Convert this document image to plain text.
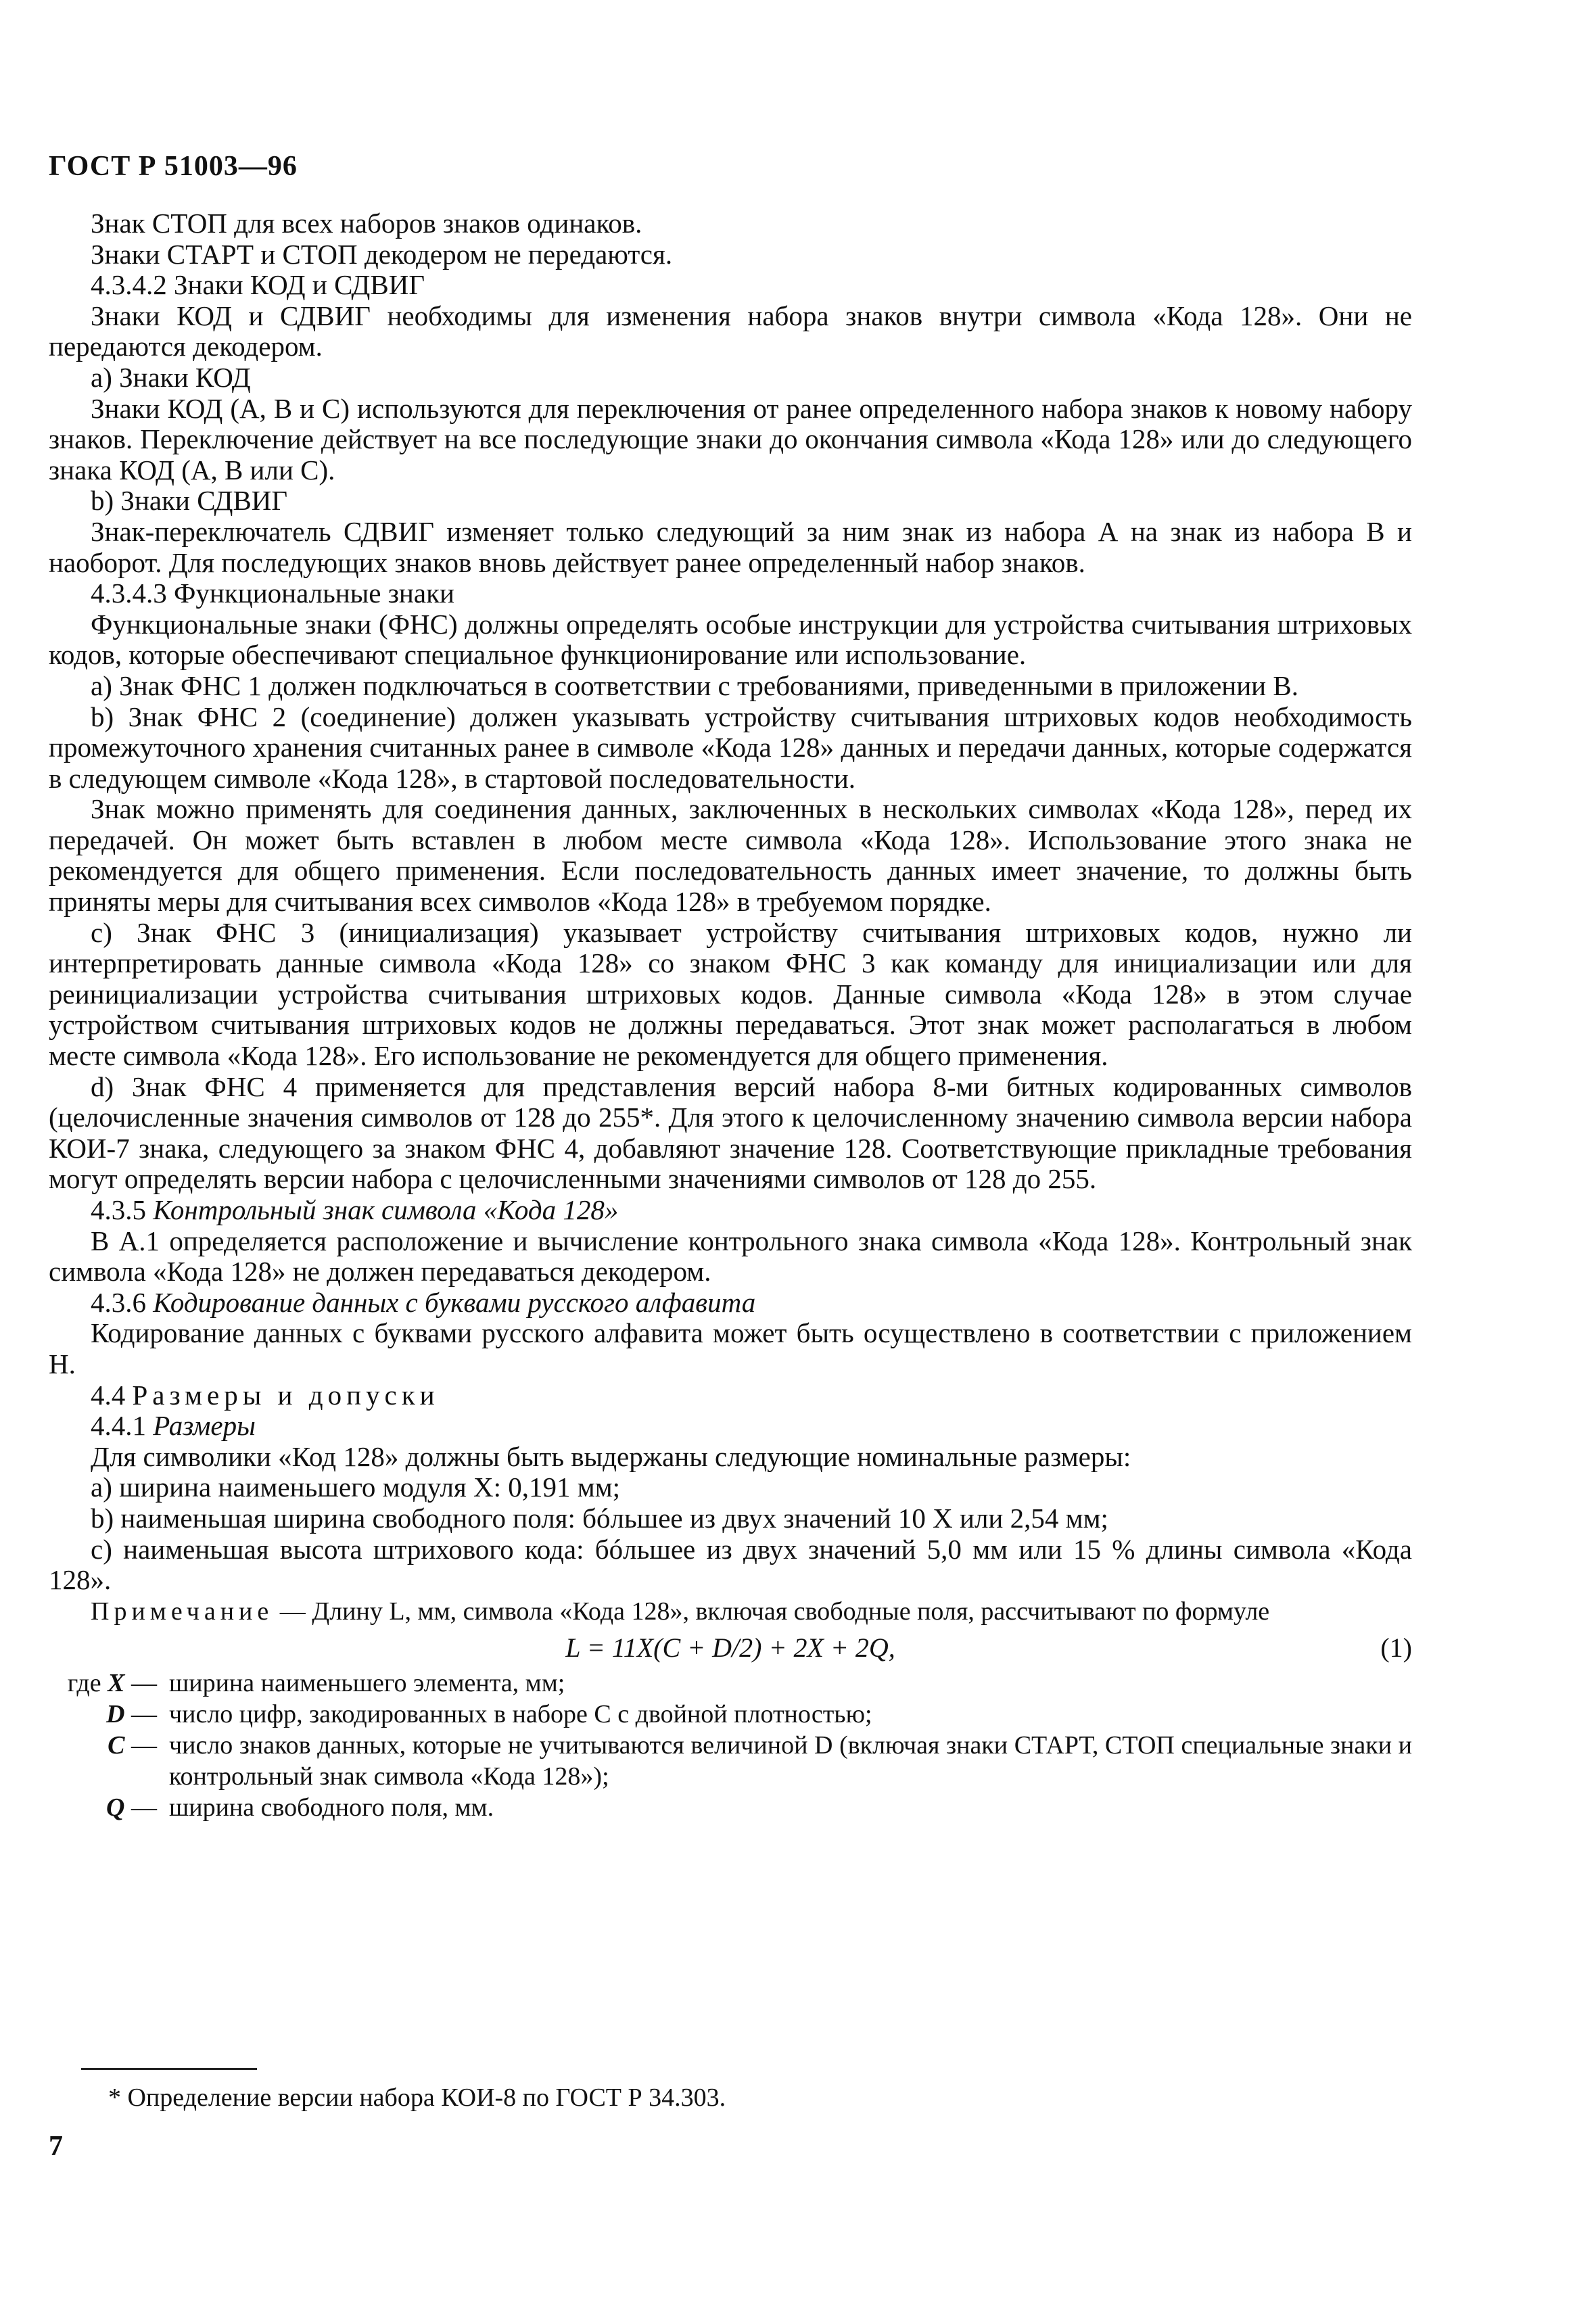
ГОСТ Р 51003—96

Знак СТОП для всех наборов знаков одинаков.

Знаки СТАРТ и СТОП декодером не передаются.

4.3.4.2 Знаки КОД и СДВИГ

Знаки КОД и СДВИГ необходимы для изменения набора знаков внутри символа «Кода 128». Они не передаются декодером.

а) Знаки КОД

Знаки КОД (А, В и С) используются для переключения от ранее определенного набора знаков к новому набору знаков. Переключение действует на все последующие знаки до окончания символа «Кода 128» или до следующего знака КОД (А, В или С).

b) Знаки СДВИГ

Знак-переключатель СДВИГ изменяет только следующий за ним знак из набора А на знак из набора В и наоборот. Для последующих знаков вновь действует ранее определенный набор знаков.

4.3.4.3 Функциональные знаки

Функциональные знаки (ФНС) должны определять особые инструкции для устройства считывания штриховых кодов, которые обеспечивают специальное функционирование или использование.

а) Знак ФНС 1 должен подключаться в соответствии с требованиями, приведенными в приложении В.

b) Знак ФНС 2 (соединение) должен указывать устройству считывания штриховых кодов необходимость промежуточного хранения считанных ранее в символе «Кода 128» данных и передачи данных, которые содержатся в следующем символе «Кода 128», в стартовой последовательности.

Знак можно применять для соединения данных, заключенных в нескольких символах «Кода 128», перед их передачей. Он может быть вставлен в любом месте символа «Кода 128». Использование этого знака не рекомендуется для общего применения. Если последовательность данных имеет значение, то должны быть приняты меры для считывания всех символов «Кода 128» в требуемом порядке.

с) Знак ФНС 3 (инициализация) указывает устройству считывания штриховых кодов, нужно ли интерпретировать данные символа «Кода 128» со знаком ФНС 3 как команду для инициализации или для реинициализации устройства считывания штриховых кодов. Данные символа «Кода 128» в этом случае устройством считывания штриховых кодов не должны передаваться. Этот знак может располагаться в любом месте символа «Кода 128». Его использование не рекомендуется для общего применения.

d) Знак ФНС 4 применяется для представления версий набора 8-ми битных кодированных символов (целочисленные значения символов от 128 до 255*. Для этого к целочисленному значению символа версии набора КОИ-7 знака, следующего за знаком ФНС 4, добавляют значение 128. Соответствующие прикладные требования могут определять версии набора с целочисленными значениями символов от 128 до 255.

4.3.5 Контрольный знак символа «Кода 128»

В А.1 определяется расположение и вычисление контрольного знака символа «Кода 128». Контрольный знак символа «Кода 128» не должен передаваться декодером.

4.3.6 Кодирование данных с буквами русского алфавита

Кодирование данных с буквами русского алфавита может быть осуществлено в соответствии с приложением Н.

4.4 Размеры и допуски

4.4.1 Размеры

Для символики «Код 128» должны быть выдержаны следующие номинальные размеры:

а) ширина наименьшего модуля X: 0,191 мм;

b) наименьшая ширина свободного поля: бóльшее из двух значений 10 X или 2,54 мм;

с) наименьшая высота штрихового кода: бóльшее из двух значений 5,0 мм или 15 % длины символа «Кода 128».

Примечание — Длину L, мм, символа «Кода 128», включая свободные поля, рассчитывают по формуле

L = 11X(C + D/2) + 2X + 2Q,	(1)
где X — ширина наименьшего элемента, мм;
D — число цифр, закодированных в наборе С с двойной плотностью;
C — число знаков данных, которые не учитываются величиной D (включая знаки СТАРТ, СТОП специальные знаки и контрольный знак символа «Кода 128»);
Q — ширина свободного поля, мм.
* Определение версии набора КОИ-8 по ГОСТ Р 34.303.
7
